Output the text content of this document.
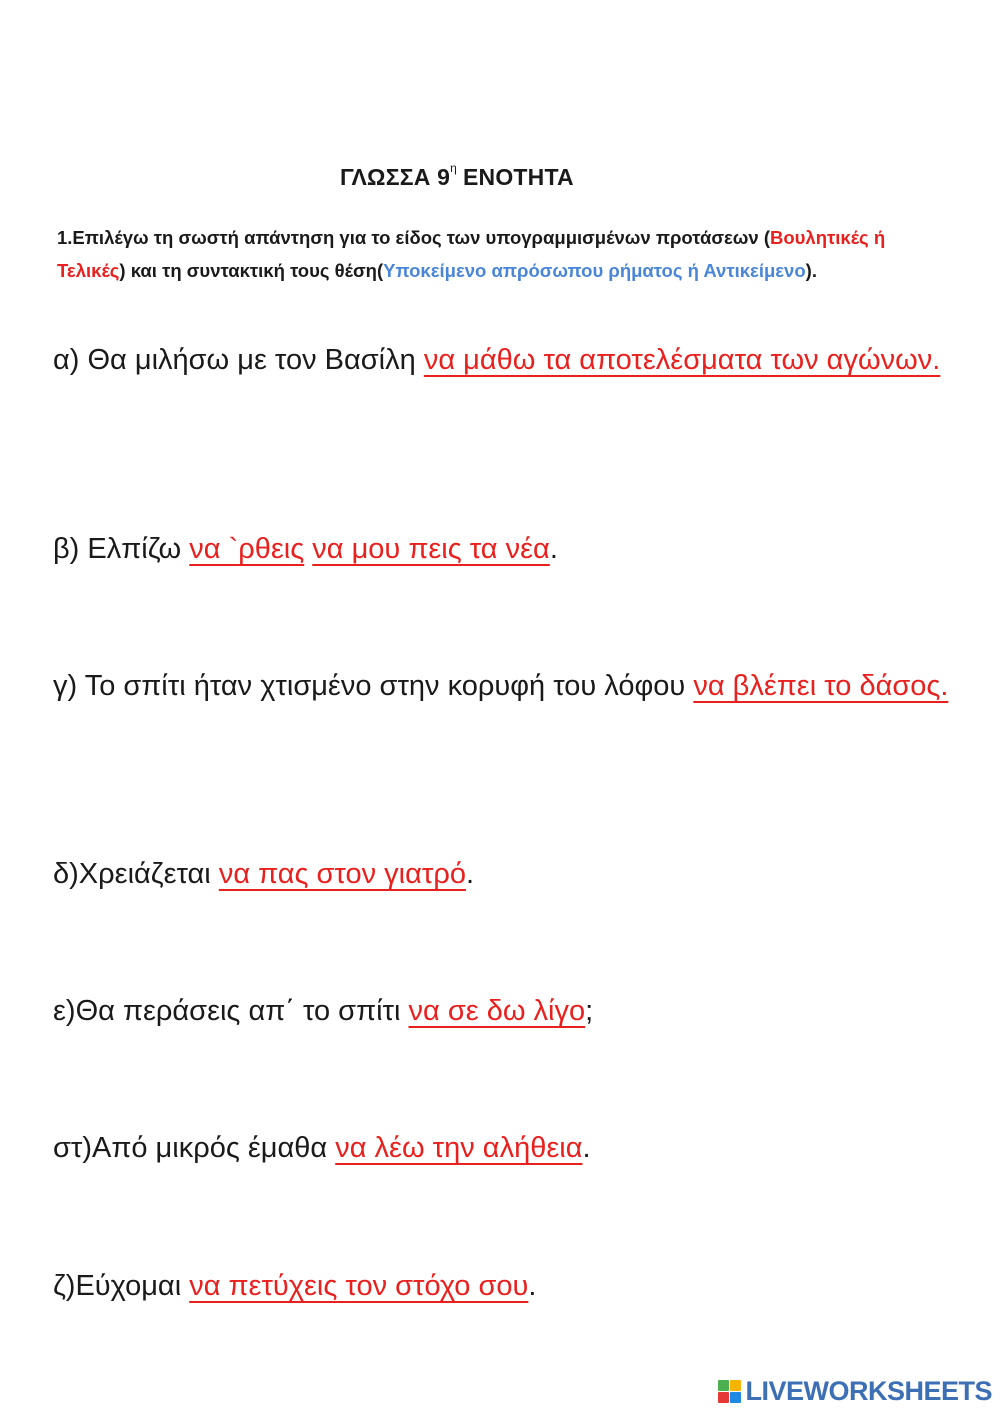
ΓΛΩΣΣΑ $9^\eta$ ΕΝΟΤΗΤΑ
1.Επιλέγω τη σωστή απάντηση για το είδος των υπογραμμισμένων προτάσεων (Βουλητικές ή Τελικές) και τη συντακτική τους θέση(Υποκείμενο απρόσωπου ρήματος ή Αντικείμενο).
α) Θα μιλήσω με τον Βασίλη να μάθω τα αποτελέσματα των αγώνων.
β) Ελπίζω να `ρθεις να μου πεις τα νέα.
γ) Το σπίτι ήταν χτισμένο στην κορυφή του λόφου να βλέπει το δάσος.
δ)Χρειάζεται να πας στον γιατρό.
ε)Θα περάσεις απ΄ το σπίτι να σε δω λίγο;
στ)Από μικρός έμαθα να λέω την αλήθεια.
ζ)Εύχομαι να πετύχεις τον στόχο σου.
LIVEWORKSHEETS
